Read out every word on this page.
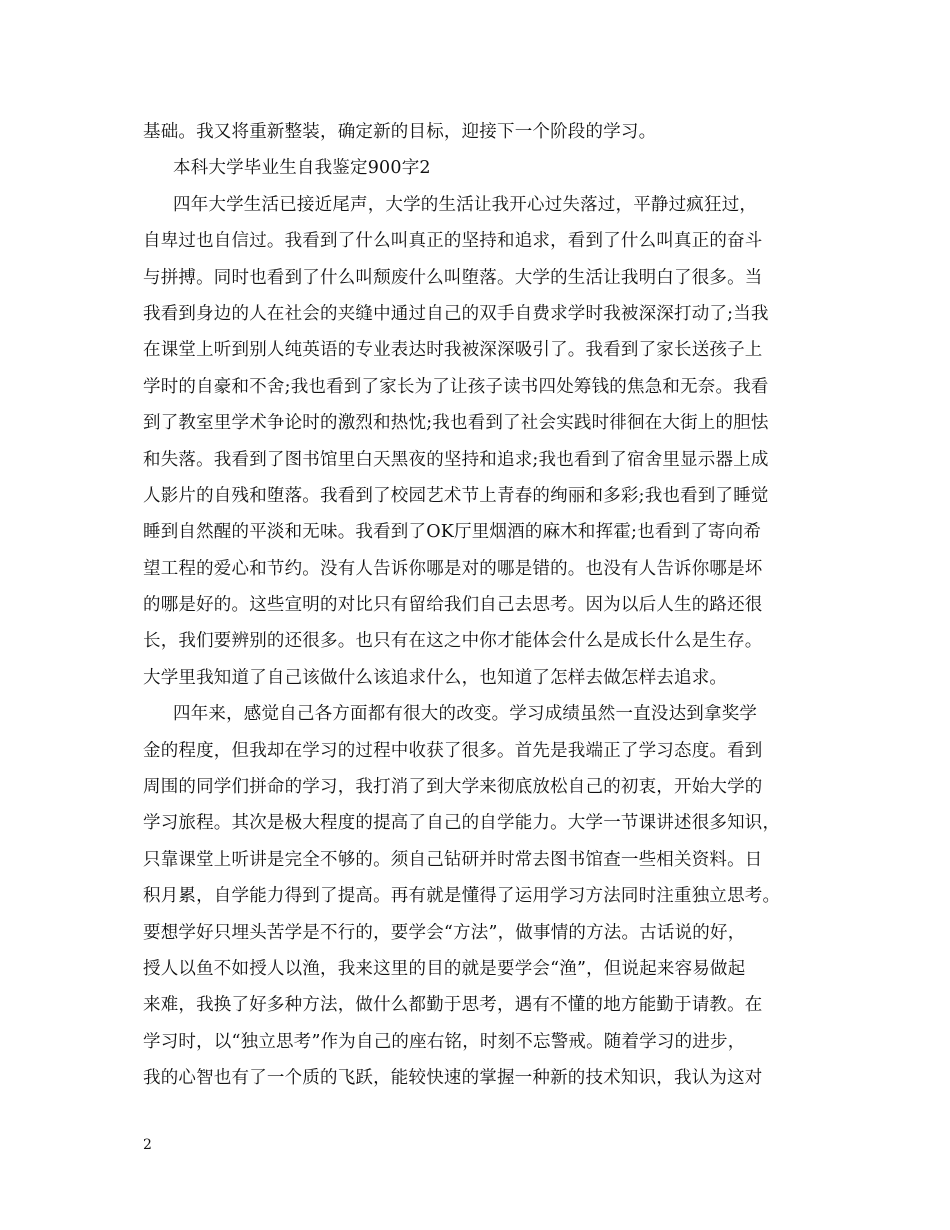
基础。我又将重新整装，确定新的目标，迎接下一个阶段的学习。
本科大学毕业生自我鉴定900字2
四年大学生活已接近尾声，大学的生活让我开心过失落过，平静过疯狂过，
自卑过也自信过。我看到了什么叫真正的坚持和追求，看到了什么叫真正的奋斗
与拼搏。同时也看到了什么叫颓废什么叫堕落。大学的生活让我明白了很多。当
我看到身边的人在社会的夹缝中通过自己的双手自费求学时我被深深打动了;当我
在课堂上听到别人纯英语的专业表达时我被深深吸引了。我看到了家长送孩子上
学时的自豪和不舍;我也看到了家长为了让孩子读书四处筹钱的焦急和无奈。我看
到了教室里学术争论时的激烈和热忱;我也看到了社会实践时徘徊在大街上的胆怯
和失落。我看到了图书馆里白天黑夜的坚持和追求;我也看到了宿舍里显示器上成
人影片的自残和堕落。我看到了校园艺术节上青春的绚丽和多彩;我也看到了睡觉
睡到自然醒的平淡和无味。我看到了OK厅里烟酒的麻木和挥霍;也看到了寄向希
望工程的爱心和节约。没有人告诉你哪是对的哪是错的。也没有人告诉你哪是坏
的哪是好的。这些宣明的对比只有留给我们自己去思考。因为以后人生的路还很
长，我们要辨别的还很多。也只有在这之中你才能体会什么是成长什么是生存。
大学里我知道了自己该做什么该追求什么，也知道了怎样去做怎样去追求。
四年来，感觉自己各方面都有很大的改变。学习成绩虽然一直没达到拿奖学
金的程度，但我却在学习的过程中收获了很多。首先是我端正了学习态度。看到
周围的同学们拼命的学习，我打消了到大学来彻底放松自己的初衷，开始大学的
学习旅程。其次是极大程度的提高了自己的自学能力。大学一节课讲述很多知识，
只靠课堂上听讲是完全不够的。须自己钻研并时常去图书馆查一些相关资料。日
积月累，自学能力得到了提高。再有就是懂得了运用学习方法同时注重独立思考。
要想学好只埋头苦学是不行的，要学会“方法”，做事情的方法。古话说的好，
授人以鱼不如授人以渔，我来这里的目的就是要学会“渔”，但说起来容易做起
来难，我换了好多种方法，做什么都勤于思考，遇有不懂的地方能勤于请教。在
学习时，以“独立思考”作为自己的座右铭，时刻不忘警戒。随着学习的进步，
我的心智也有了一个质的飞跃，能较快速的掌握一种新的技术知识，我认为这对
2
